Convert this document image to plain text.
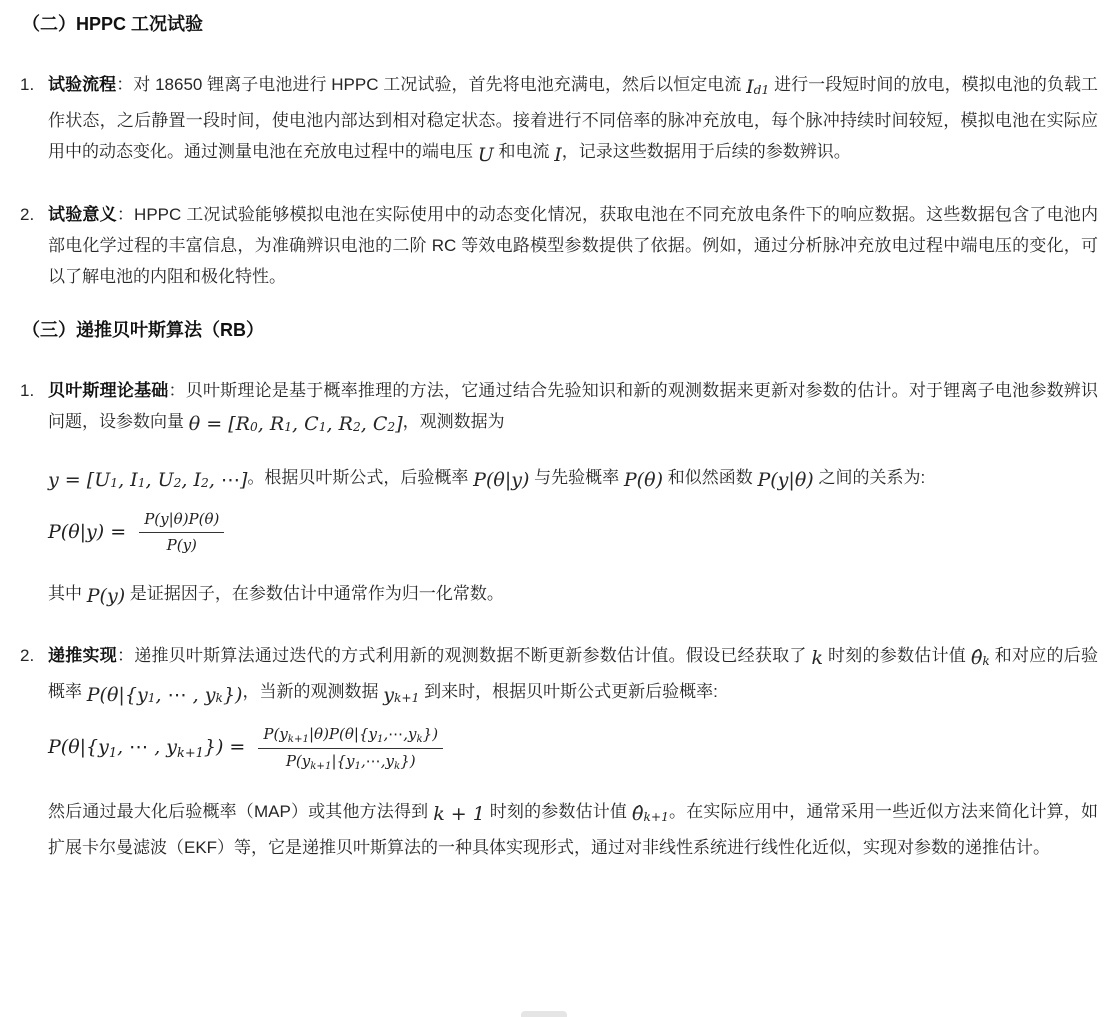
（二）HPPC 工况试验
1. 试验流程：对 18650 锂离子电池进行 HPPC 工况试验，首先将电池充满电，然后以恒定电流 Id1 进行一段短时间的放电，模拟电池的负载工作状态，之后静置一段时间，使电池内部达到相对稳定状态。接着进行不同倍率的脉冲充放电，每个脉冲持续时间较短，模拟电池在实际应用中的动态变化。通过测量电池在充放电过程中的端电压 U 和电流 I，记录这些数据用于后续的参数辨识。

2. 试验意义：HPPC 工况试验能够模拟电池在实际使用中的动态变化情况，获取电池在不同充放电条件下的响应数据。这些数据包含了电池内部电化学过程的丰富信息，为准确辨识电池的二阶 RC 等效电路模型参数提供了依据。例如，通过分析脉冲充放电过程中端电压的变化，可以了解电池的内阻和极化特性。

（三）递推贝叶斯算法（RB）
1. 贝叶斯理论基础：贝叶斯理论是基于概率推理的方法，它通过结合先验知识和新的观测数据来更新对参数的估计。对于锂离子电池参数辨识问题，设参数向量 θ = [R0, R1, C1, R2, C2]，观测数据为

y = [U1, I1, U2, I2, ⋯]。根据贝叶斯公式，后验概率 P(θ|y) 与先验概率 P(θ) 和似然函数 P(y|θ) 之间的关系为:

$P(\theta|y) = \frac{P(y|\theta)P(\theta)}{P(y)}$

其中 P(y) 是证据因子，在参数估计中通常作为归一化常数。

2. 递推实现：递推贝叶斯算法通过迭代的方式利用新的观测数据不断更新参数估计值。假设已经获取了 k 时刻的参数估计值 θ̂k 和对应的后验概率 P(θ|{y1, ⋯ , yk})，当新的观测数据 yk+1 到来时，根据贝叶斯公式更新后验概率:

P(θ|{y1, ⋯ , $yk+1\}) = \frac{P(yk+1|\theta)P(\theta|\{y1,\cdots,yk\})}{P(yk+1|\{y1,\cdots,yk\})}$

然后通过最大化后验概率（MAP）或其他方法得到 k + 1 时刻的参数估计值 θ̂k+1。在实际应用中，通常采用一些近似方法来简化计算，如扩展卡尔曼滤波（EKF）等，它是递推贝叶斯算法的一种具体实现形式，通过对非线性系统进行线性化近似，实现对参数的递推估计。
